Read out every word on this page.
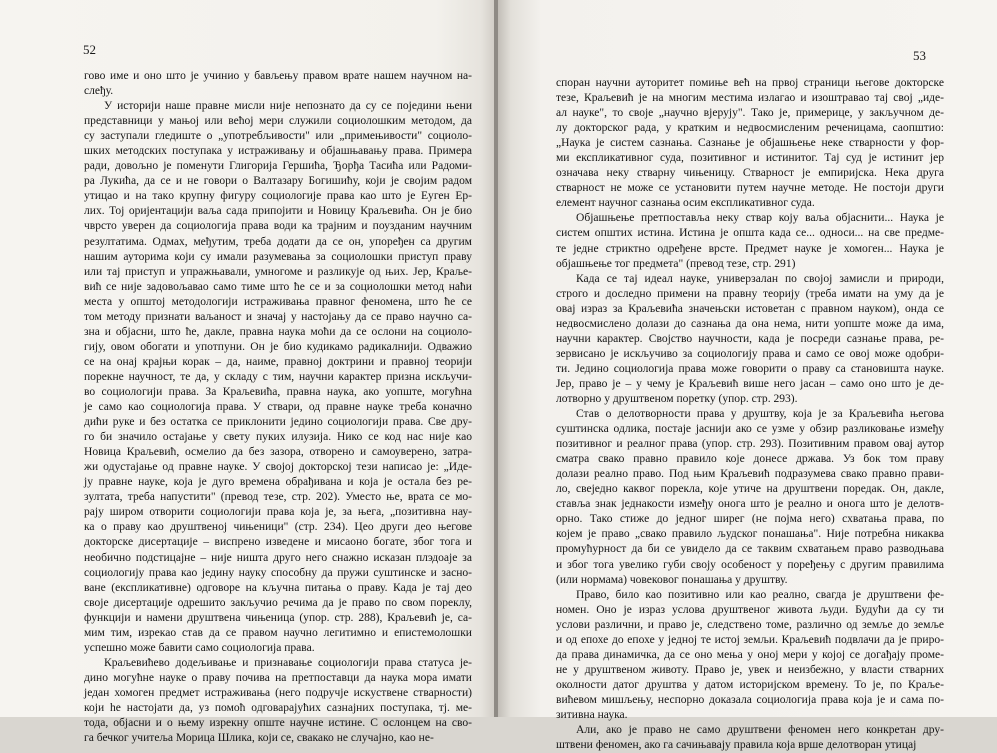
52

гово име и оно што је учинио у бављењу правом врате нашем научном на-
слеђу.

У историји наше правне мисли није непознато да су се поједини њени
представници у мањој или већој мери служили социолошким методом, да
су заступали гледиште о „употребљивости" или „примењивости" социоло-
шких методских поступака у истраживању и објашњавању права. Примера
ради, довољно је поменути Глигорија Гершића, Ђорђа Тасића или Радоми-
ра Лукића, да се и не говори о Валтазару Богишићу, који је својим радом
утицао и на такo крупну фигуру социологије права као што је Еуген Ер-
лих. Тој оријентацији ваља сада припојити и Новицу Краљевића. Он је био
чврсто уверен да социологија права води ка трајним и поузданим научним
резултатима. Одмах, међутим, треба додати да се он, упоређен са другим
нашим ауторима који су имали разумевања за социолошки приступ праву
или тај приступ и упражњавали, умногоме и разликује од њих. Јер, Краље-
вић се није задовољавао само тиме што ће се и за социолошки метод наћи
места у општој методологији истраживања правног феномена, што ће се
том методу признати ваљаност и значај у настојању да се право научно са-
зна и објасни, што ће, дакле, правна наука моћи да се ослони на социоло-
гију, овом обогати и употпуни. Он је био кудикамо радикалнији. Одважио
се на онај крајњи корак – да, наиме, правној доктрини и правној теорији
порекне научност, те да, у складу с тим, научни карактер призна искључи-
во социологији права. За Краљевића, правна наука, ако уопште, могућна
је само као социологија права. У ствари, од правне науке треба коначно
дићи руке и без остатка се приклонити једино социологији права. Све дру-
го би значило остајање у свету пуких илузија. Нико се код нас није као
Новица Краљевић, осмелио да без зазора, отворено и самоуверено, затра-
жи одустајање од правне науке. У својој докторској тези написао је: „Идe-
ју правне науке, која је дуго времена обрађивана и која је остала без ре-
зултата, треба напустити" (превод тезе, стр. 202). Уместо ње, врата се мо-
рају широм отворити социологији права која је, за њега, „позитивна нау-
ка о праву као друштвеној чињеници" (стр. 234). Цео други део његове
докторске дисертације – виспрено изведене и мисаоно богате, због тога и
необично подстицајне – није ништа друго него снажно исказан плэдоаје за
социологију права као једину науку способну да пружи суштинске и заснo-
ване (експликативне) одговоре на кључна питања о праву. Када је тај део
своје дисертације одрешито закључио речима да је право по свом пореклу,
функцији и намени друштвена чињеница (упор. стр. 288), Краљевић је, са-
мим тим, изрекао став да се правом научно легитимно и епистемолошки
успешно може бавити само социологија права.

Краљевићево додељивање и признавање социологији права статуса је-
дино могућне науке о праву почива на претпоставци да наука мора имати
један хомоген предмет истраживања (него подручје искуствене стварности)
који he настојати да, уз помоћ одговарајућих сазнајних поступака, тј. ме-
тода, објасни и о њему изрекну опште научне истине. С ослонцем на сво-
га бечког учитеља Морица Шлика, који се, свакако не случајно, као не-

53

спорaн научни ауторитет помиње већ на првој страници његове докторске
тезе, Краљевић је на многим местима излагао и изоштравао тај свој „иде-
ал науке", то своје „научно вјерују". Тако је, примерице, у закључном де-
лу докторског рада, у кратким и недвосмисленим реченицама, саопштио:
„Наука је систем сазнања. Сазнање је објашњење неке стварности у фор-
ми експликативног суда, позитивног и истинитог. Тај суд је истинит јер
означава неку стварну чињеницу. Стварност је емпиријска. Нека друга
стварност не може се установити путем научне методе. Не постоји други
елемент научног сазнања осим експликативног суда.

Објашњење претпоставља неку ствар коју ваља објаснити... Наука је
систем општих истина. Истина је општа када се... односи... на све предме-
те једне стриктно одређене врсте. Предмет науке је хомоген... Наука је
објашњење тог предмета" (превод тезе, стр. 291)

Када се тај идеал науке, универзалан по својој замисли и природи,
строго и доследно примени на правну теорију (треба имати на уму да је
овај израз за Краљевића значењски истоветан с правном науком), онда се
недвосмислено долази до сазнања да она нема, нити уопште може да има,
научни карактер. Својство научности, када је посреди сазнање права, ре-
зервисано је искључиво за социологију права и само се овој може одобри-
ти. Једино социологија права може говорити о праву са становишта науке.
Јер, право је – у чему је Краљевић више него јасан – само оно што је де-
лотворно у друштвеном поретку (упор. стр. 293).

Став о делотворности права у друштву, која је за Краљевића његова
суштинска одлика, постаје јаснији ако се узме у обзир разликовање између
позитивног и реалног права (упор. стр. 293). Позитивним правом овај аутор
сматра свако правно правило које донесе држава. Уз бок том праву
долази реално право. Под њим Краљевић подразумева свако правно прави-
ло, свеједно каквог порекла, које утиче на друштвени поредак. Он, дакле,
ставља знак једнакости између онога што је реално и онога што је делотв-
орно. Тако стиже до једног ширег (не појма него) схватања права, по
којем је право „свако правило људског понашања". Није потребна никаква
промућурност да би се увидело да се таквим схватањем право разводњава
и због тога увелико губи своју особеност у поређењу с другим правилима
(или нормама) човековог понашања у друштву.

Право, било као позитивно или као реално, свагда је друштвени фе-
номен. Оно је израз услова друштвеног живота људи. Будући да су ти
услови различни, и право је, следствено томе, различно од земље до земље
и од епохе до епохе у једној те истој земљи. Краљевић подвлачи да је приро-
да права динамичка, да се оно мења у оној мери у којој се догађају проме-
не у друштвеном животу. Право је, увек и неизбежно, у власти стварних
околности датог друштва у датом историјском времену. То је, по Краље-
вићевом мишљењу, неспорно доказала социологија права која је и сама по-
зитивна наука.

Али, ако је право не само друштвени феномен него конкретан дру-
штвени феномен, ако га сачињавају правила која врше делотворан утицај
